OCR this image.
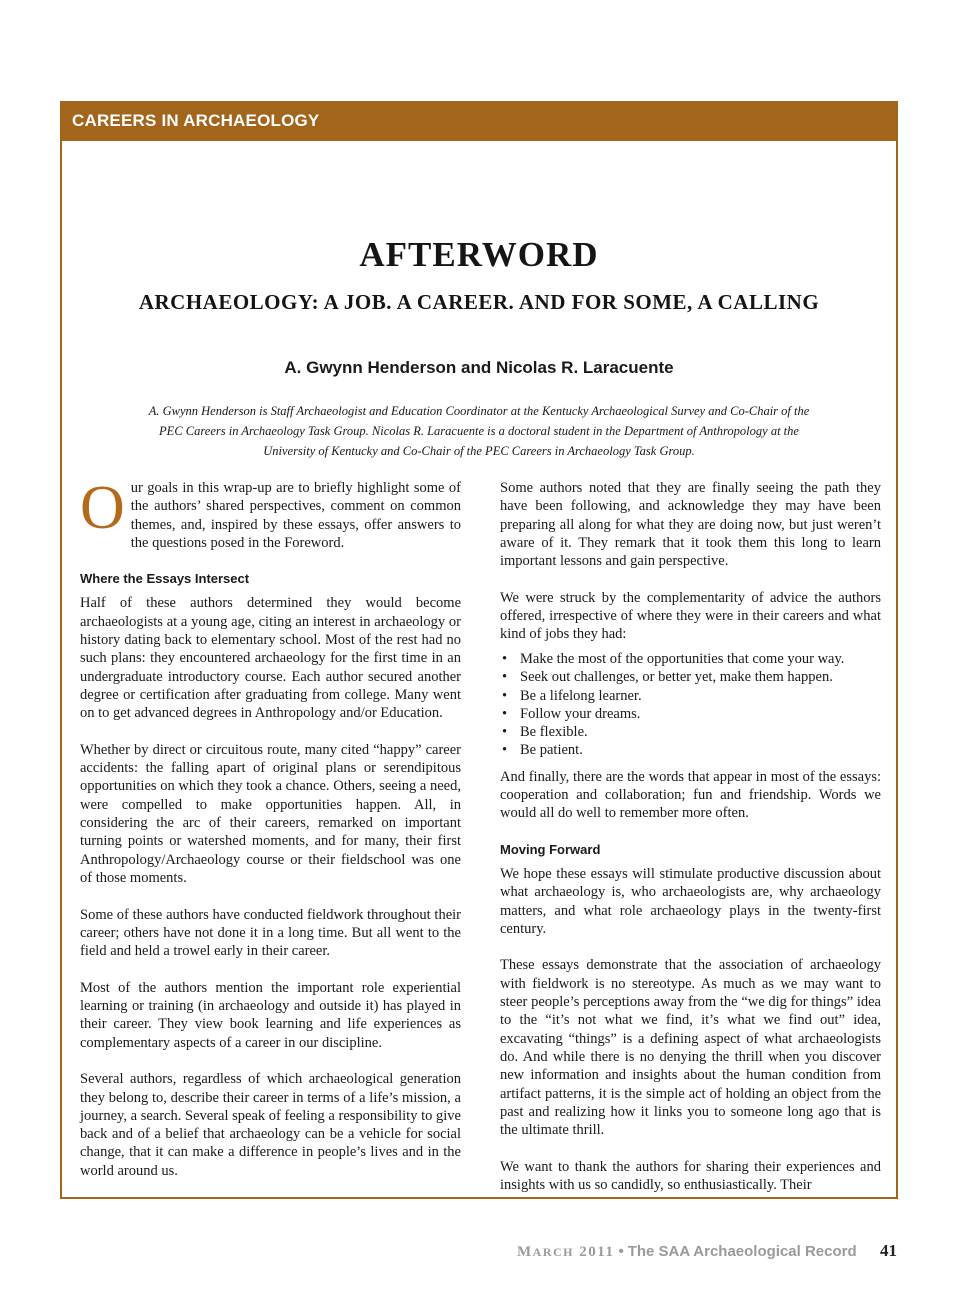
CAREERS IN ARCHAEOLOGY
AFTERWORD
ARCHAEOLOGY: A JOB. A CAREER. AND FOR SOME, A CALLING
A. Gwynn Henderson and Nicolas R. Laracuente
A. Gwynn Henderson is Staff Archaeologist and Education Coordinator at the Kentucky Archaeological Survey and Co-Chair of the
PEC Careers in Archaeology Task Group. Nicolas R. Laracuente is a doctoral student in the Department of Anthropology at the
University of Kentucky and Co-Chair of the PEC Careers in Archaeology Task Group.

Our goals in this wrap-up are to briefly highlight some of the authors’ shared perspectives, comment on common themes, and, inspired by these essays, offer answers to the questions posed in the Foreword.

Where the Essays Intersect

Half of these authors determined they would become archaeologists at a young age, citing an interest in archaeology or history dating back to elementary school. Most of the rest had no such plans: they encountered archaeology for the first time in an undergraduate introductory course. Each author secured another degree or certification after graduating from college. Many went on to get advanced degrees in Anthropology and/or Education.

Whether by direct or circuitous route, many cited “happy” career accidents: the falling apart of original plans or serendipitous opportunities on which they took a chance. Others, seeing a need, were compelled to make opportunities happen. All, in considering the arc of their careers, remarked on important turning points or watershed moments, and for many, their first Anthropology/Archaeology course or their fieldschool was one of those moments.

Some of these authors have conducted fieldwork throughout their career; others have not done it in a long time. But all went to the field and held a trowel early in their career.

Most of the authors mention the important role experiential learning or training (in archaeology and outside it) has played in their career. They view book learning and life experiences as complementary aspects of a career in our discipline.

Several authors, regardless of which archaeological generation they belong to, describe their career in terms of a life’s mission, a journey, a search. Several speak of feeling a responsibility to give back and of a belief that archaeology can be a vehicle for social change, that it can make a difference in people’s lives and in the world around us.

Some authors noted that they are finally seeing the path they have been following, and acknowledge they may have been preparing all along for what they are doing now, but just weren’t aware of it. They remark that it took them this long to learn important lessons and gain perspective.

We were struck by the complementarity of advice the authors offered, irrespective of where they were in their careers and what kind of jobs they had:

• Make the most of the opportunities that come your way.
• Seek out challenges, or better yet, make them happen.
• Be a lifelong learner.
• Follow your dreams.
• Be flexible.
• Be patient.

And finally, there are the words that appear in most of the essays: cooperation and collaboration; fun and friendship. Words we would all do well to remember more often.

Moving Forward

We hope these essays will stimulate productive discussion about what archaeology is, who archaeologists are, why archaeology matters, and what role archaeology plays in the twenty-first century.

These essays demonstrate that the association of archaeology with fieldwork is no stereotype. As much as we may want to steer people’s perceptions away from the “we dig for things” idea to the “it’s not what we find, it’s what we find out” idea, excavating “things” is a defining aspect of what archaeologists do. And while there is no denying the thrill when you discover new information and insights about the human condition from artifact patterns, it is the simple act of holding an object from the past and realizing how it links you to someone long ago that is the ultimate thrill.

We want to thank the authors for sharing their experiences and insights with us so candidly, so enthusiastically. Their

MARCH 2011 • The SAA Archaeological Record 41
